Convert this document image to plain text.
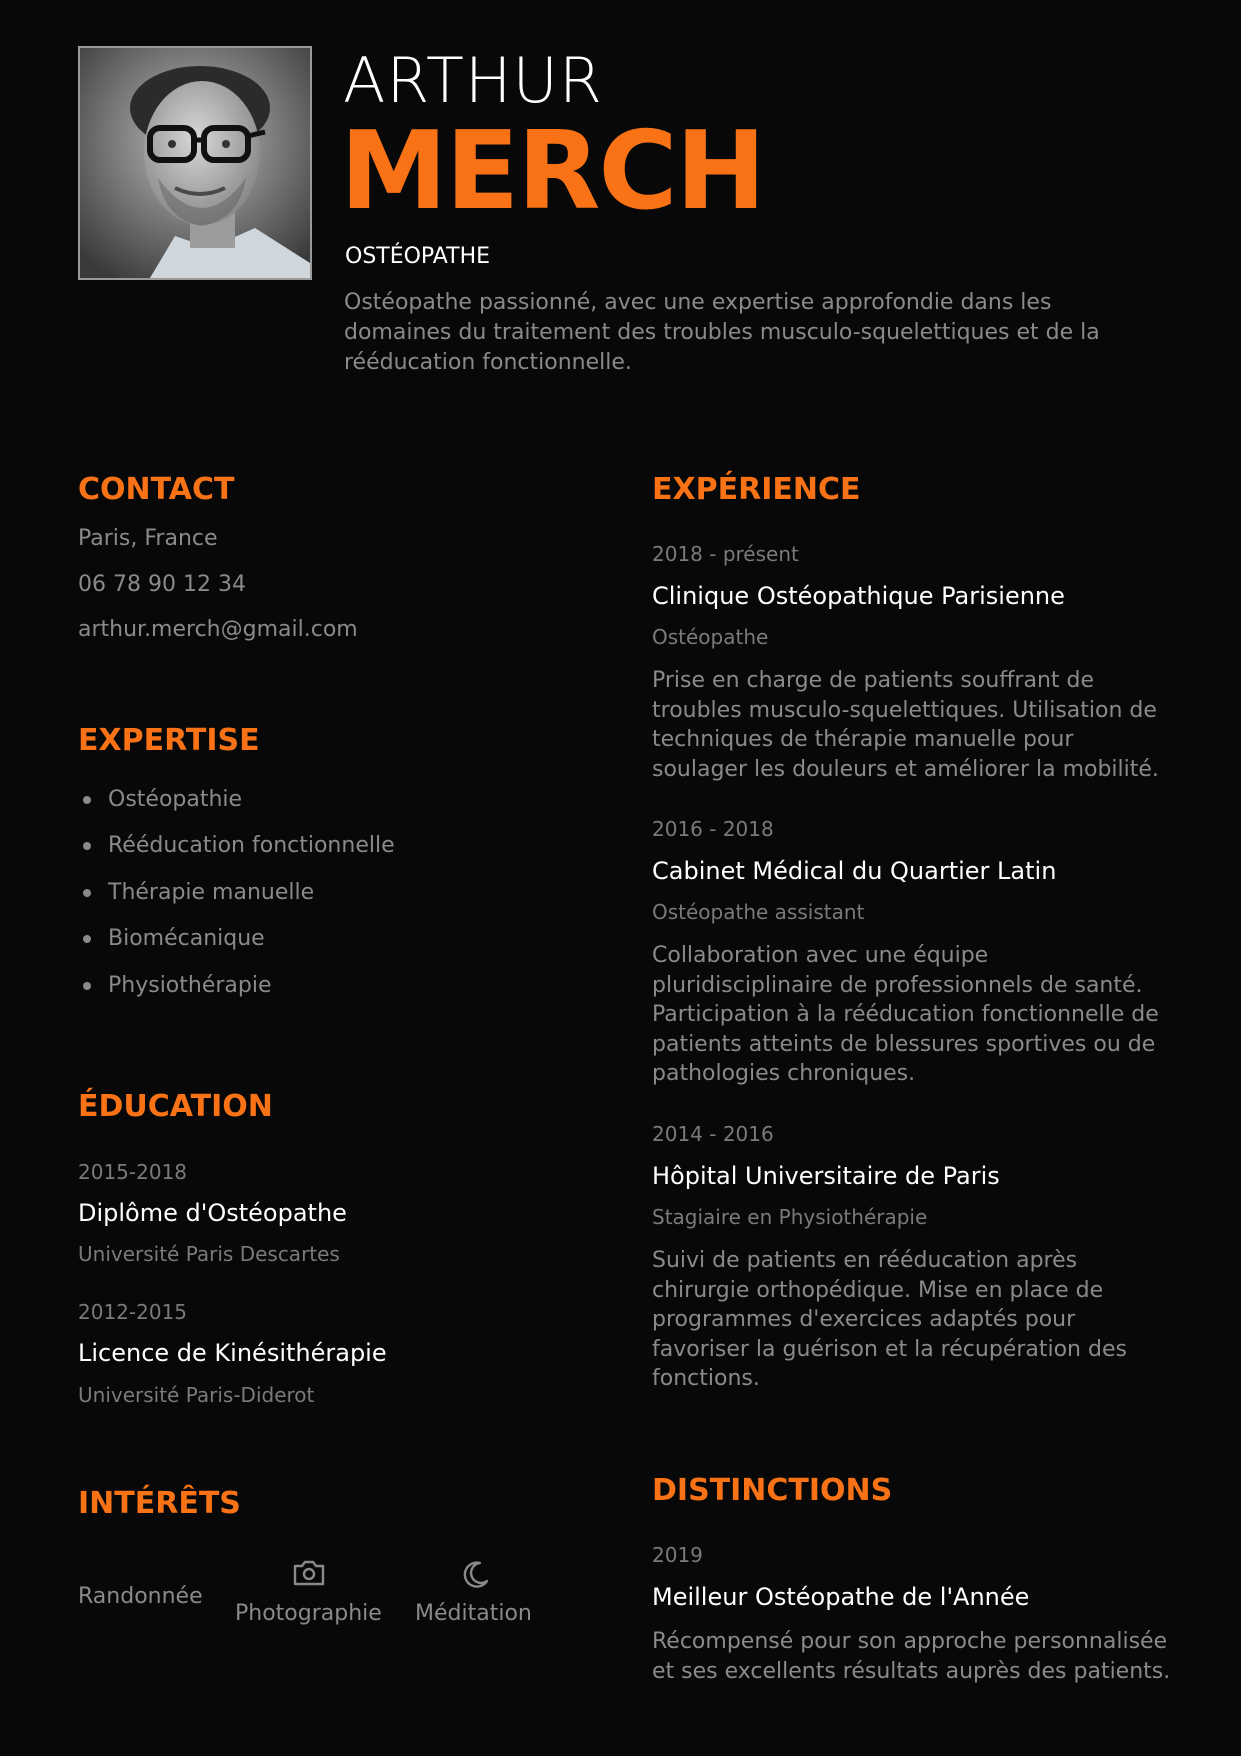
ARTHUR
MERCH
OSTÉOPATHE
Ostéopathe passionné, avec une expertise approfondie dans les domaines du traitement des troubles musculo-squelettiques et de la rééducation fonctionnelle.
CONTACT
Paris, France
06 78 90 12 34
arthur.merch@gmail.com
EXPERTISE
Ostéopathie
Rééducation fonctionnelle
Thérapie manuelle
Biomécanique
Physiothérapie
ÉDUCATION
2015-2018
Diplôme d'Ostéopathe
Université Paris Descartes
2012-2015
Licence de Kinésithérapie
Université Paris-Diderot
INTÉRÊTS
Randonnée
Photographie Méditation
EXPÉRIENCE
2018 - présent
Clinique Ostéopathique Parisienne
Ostéopathe
Prise en charge de patients souffrant de troubles musculo-squelettiques. Utilisation de techniques de thérapie manuelle pour soulager les douleurs et améliorer la mobilité.
2016 - 2018
Cabinet Médical du Quartier Latin
Ostéopathe assistant
Collaboration avec une équipe pluridisciplinaire de professionnels de santé. Participation à la rééducation fonctionnelle de patients atteints de blessures sportives ou de pathologies chroniques.
2014 - 2016
Hôpital Universitaire de Paris
Stagiaire en Physiothérapie
Suivi de patients en rééducation après chirurgie orthopédique. Mise en place de programmes d'exercices adaptés pour favoriser la guérison et la récupération des fonctions.
DISTINCTIONS
2019
Meilleur Ostéopathe de l'Année
Récompensé pour son approche personnalisée et ses excellents résultats auprès des patients.
